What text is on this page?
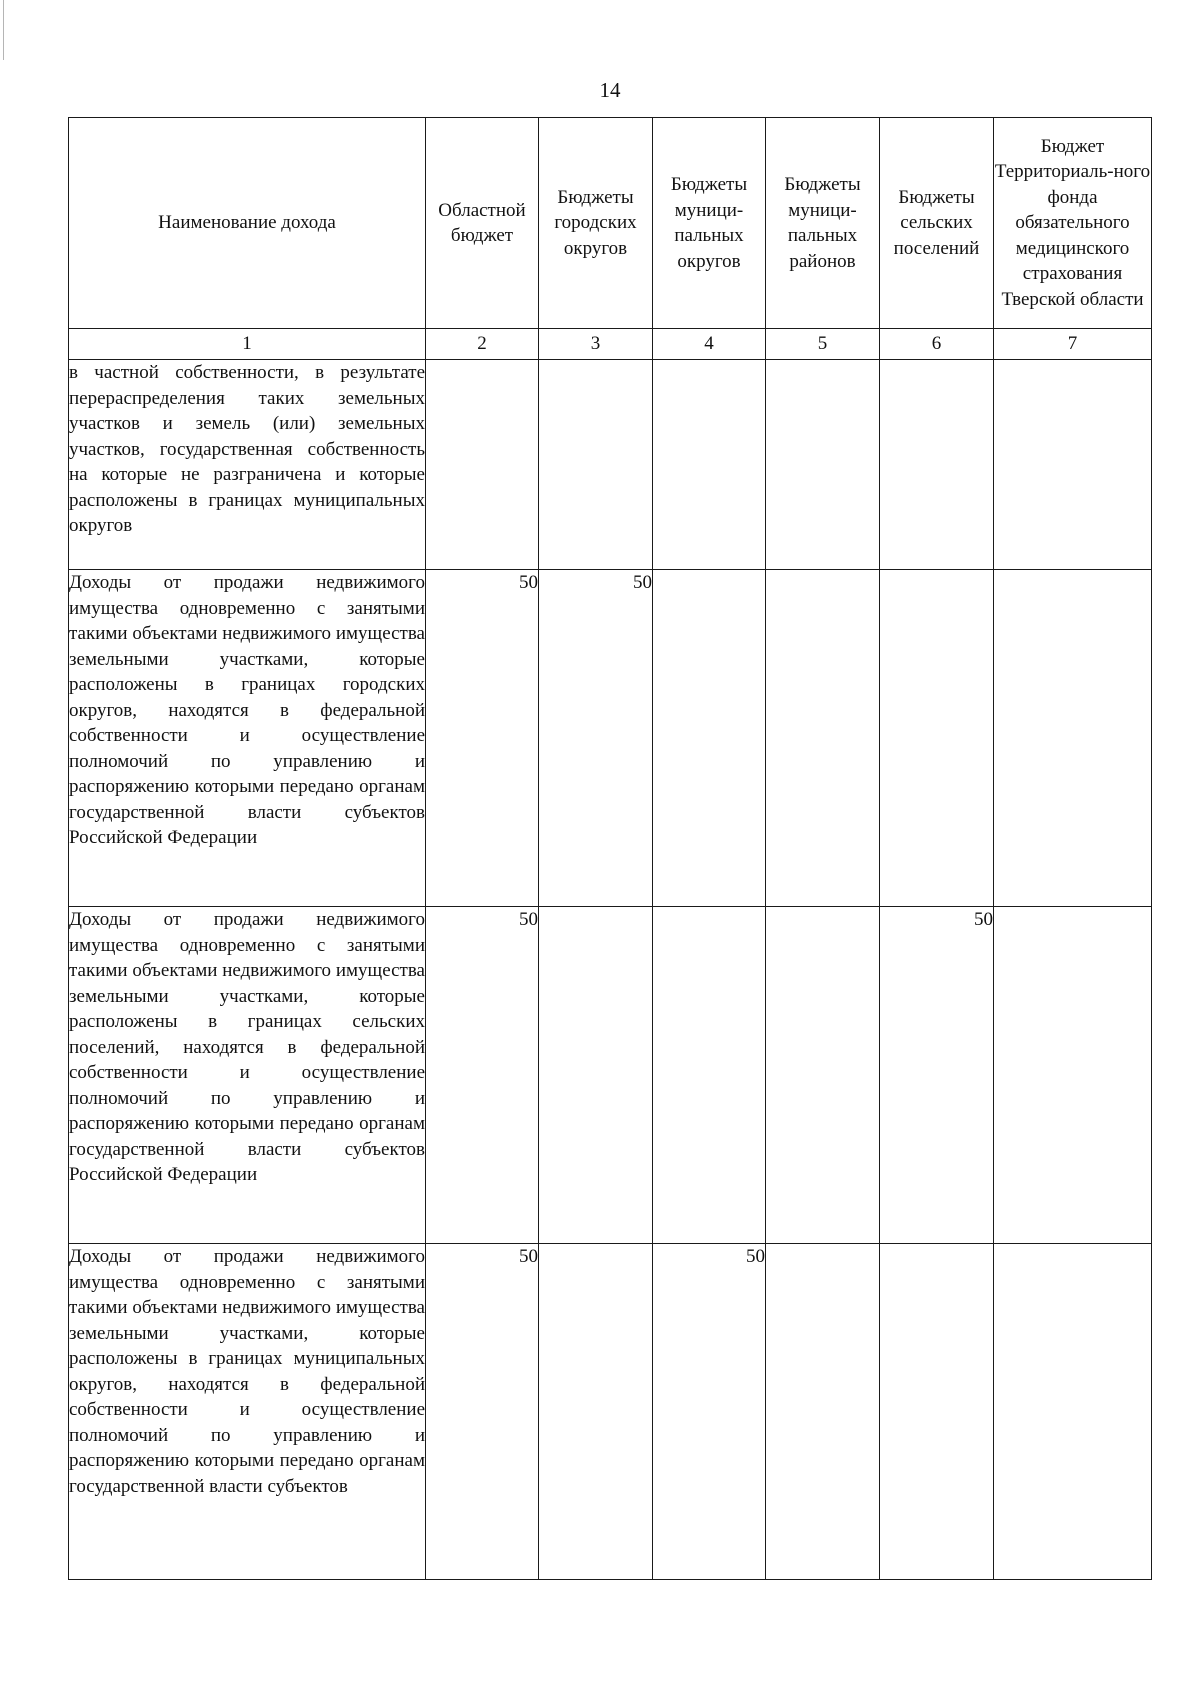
14
Наименование дохода	Областной бюджет	Бюджеты городских округов	Бюджеты муници-пальных округов	Бюджеты муници-пальных районов	Бюджеты сельских поселений	Бюджет Территориаль-ного фонда обязательного медицинского страхования Тверской области
1	2	3	4	5	6	7
в частной собственности, в результате перераспределения таких земельных участков и земель (или) земельных участков, государственная собственность на которые не разграничена и которые расположены в границах муниципальных округов						
Доходы от продажи недвижимого имущества одновременно с занятыми такими объектами недвижимого имущества земельными участками, которые расположены в границах городских округов, находятся в федеральной собственности и осуществление полномочий по управлению и распоряжению которыми передано органам государственной власти субъектов Российской Федерации	50	50				
Доходы от продажи недвижимого имущества одновременно с занятыми такими объектами недвижимого имущества земельными участками, которые расположены в границах сельских поселений, находятся в федеральной собственности и осуществление полномочий по управлению и распоряжению которыми передано органам государственной власти субъектов Российской Федерации	50				50	
Доходы от продажи недвижимого имущества одновременно с занятыми такими объектами недвижимого имущества земельными участками, которые расположены в границах муниципальных округов, находятся в федеральной собственности и осуществление полномочий по управлению и распоряжению которыми передано органам государственной власти субъектов	50		50			
